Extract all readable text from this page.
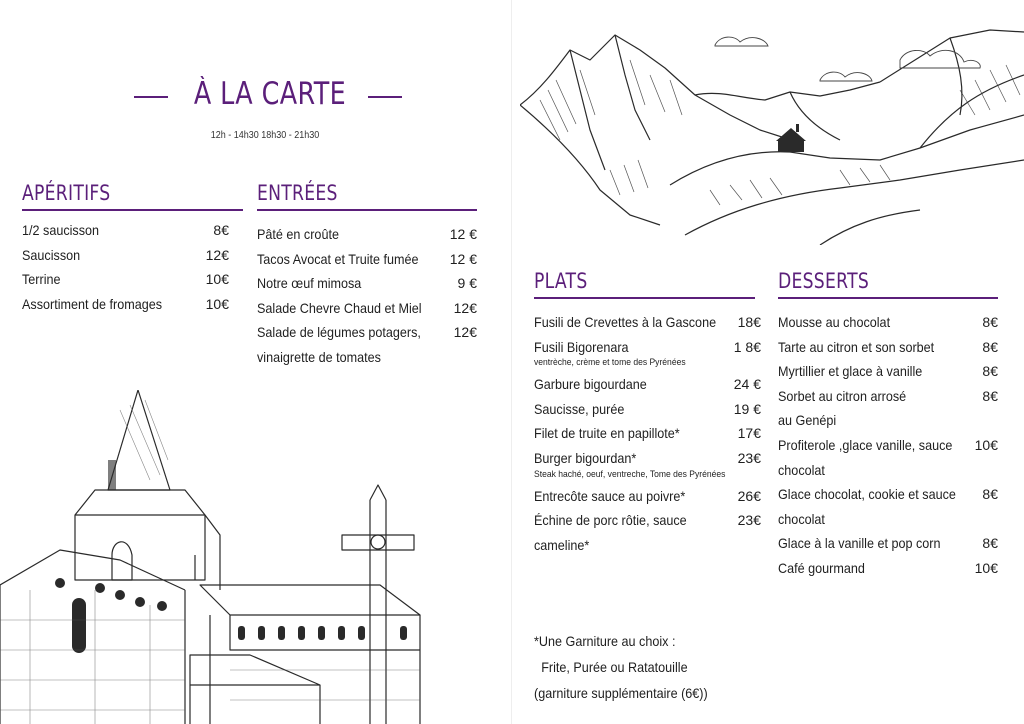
À LA CARTE
12h - 14h30 18h30 - 21h30
APÉRITIFS
1/2 saucisson	8€
Saucisson	12€
Terrine	10€
Assortiment de fromages	10€
ENTRÉES
Pâté en croûte	12 €
Tacos Avocat et Truite fumée 12 €
Notre œuf mimosa	9 €
Salade Chevre Chaud et Miel 12€
Salade de légumes potagers, 12€
vinaigrette de tomates
PLATS
Fusili de Crevettes à la Gascone 18€
Fusili Bigorenara	1 8€
ventrèche, crème et tome des Pyrénées
Garbure bigourdane	24 €
Saucisse, purée	19 €
Filet de truite en papillote*	17€
Burger bigourdan*	23€
Steak haché, oeuf, ventreche, Tome des Pyrénées
Entrecôte sauce au poivre*	26€
Échine de porc rôtie, sauce	23€
cameline*
DESSERTS
Mousse au chocolat	8€
Tarte au citron et son sorbet	8€
Myrtillier et glace à vanille	8€
Sorbet au citron arrosé	8€
au Genépi
Profiterole ,glace vanille, sauce 10€
chocolat
Glace chocolat, cookie et sauce 8€
chocolat
Glace à la vanille et pop corn	8€
Café gourmand	10€
*Une Garniture au choix :
Frite, Purée ou Ratatouille
(garniture supplémentaire (6€))
